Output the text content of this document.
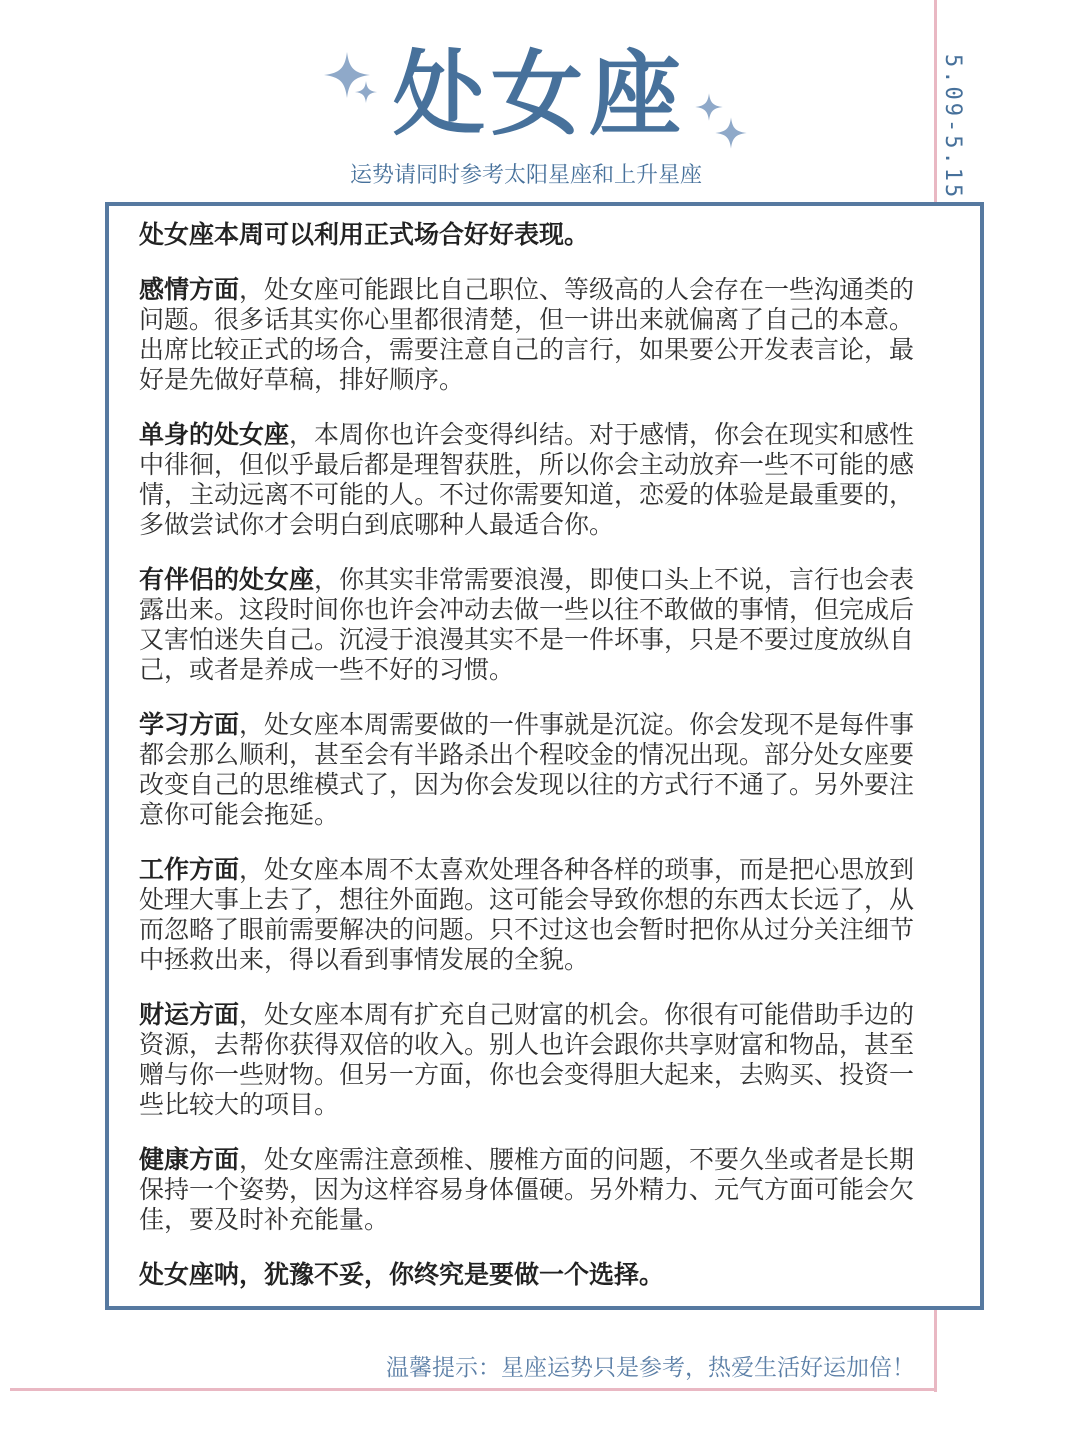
处女座
运势请同时参考太阳星座和上升星座	5.09-5.15

处女座本周可以利用正式场合好好表现。

感情方面，处女座可能跟比自己职位、等级高的人会存在一些沟通类的问题。很多话其实你心里都很清楚，但一讲出来就偏离了自己的本意。出席比较正式的场合，需要注意自己的言行，如果要公开发表言论，最好是先做好草稿，排好顺序。

单身的处女座，本周你也许会变得纠结。对于感情，你会在现实和感性中徘徊，但似乎最后都是理智获胜，所以你会主动放弃一些不可能的感情，主动远离不可能的人。不过你需要知道，恋爱的体验是最重要的，多做尝试你才会明白到底哪种人最适合你。

有伴侣的处女座，你其实非常需要浪漫，即使口头上不说，言行也会表露出来。这段时间你也许会冲动去做一些以往不敢做的事情，但完成后又害怕迷失自己。沉浸于浪漫其实不是一件坏事，只是不要过度放纵自己，或者是养成一些不好的习惯。

学习方面，处女座本周需要做的一件事就是沉淀。你会发现不是每件事都会那么顺利，甚至会有半路杀出个程咬金的情况出现。部分处女座要改变自己的思维模式了，因为你会发现以往的方式行不通了。另外要注意你可能会拖延。

工作方面，处女座本周不太喜欢处理各种各样的琐事，而是把心思放到处理大事上去了，想往外面跑。这可能会导致你想的东西太长远了，从而忽略了眼前需要解决的问题。只不过这也会暂时把你从过分关注细节中拯救出来，得以看到事情发展的全貌。

财运方面，处女座本周有扩充自己财富的机会。你很有可能借助手边的资源，去帮你获得双倍的收入。别人也许会跟你共享财富和物品，甚至赠与你一些财物。但另一方面，你也会变得胆大起来，去购买、投资一些比较大的项目。

健康方面，处女座需注意颈椎、腰椎方面的问题，不要久坐或者是长期保持一个姿势，因为这样容易身体僵硬。另外精力、元气方面可能会欠佳，要及时补充能量。

处女座呐，犹豫不妥，你终究是要做一个选择。

温馨提示：星座运势只是参考，热爱生活好运加倍！
